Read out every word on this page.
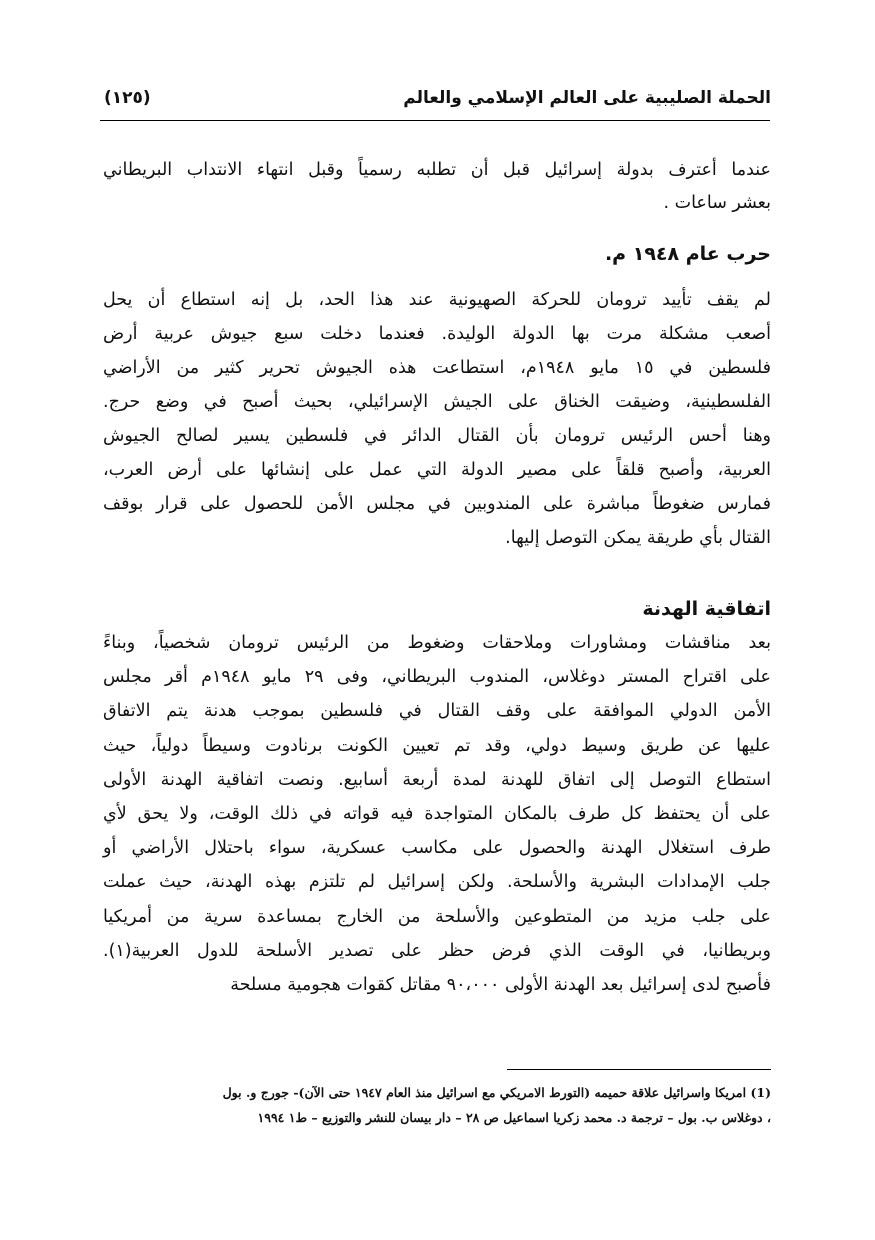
الحملة الصليبية على العالم الإسلامي والعالم
(١٢٥)
عندما أعترف بدولة إسرائيل قبل أن تطلبه رسمياً وقبل انتهاء الانتداب البريطاني
بعشر ساعات .
لم يقف تأييد ترومان للحركة الصهيونية عند هذا الحد، بل إنه استطاع أن يحل
أصعب مشكلة مرت بها الدولة الوليدة. فعندما دخلت سبع جيوش عربية أرض
فلسطين في ١٥ مايو ١٩٤٨م، استطاعت هذه الجيوش تحرير كثير من الأراضي
الفلسطينية، وضيقت الخناق على الجيش الإسرائيلي، بحيث أصبح في وضع حرج.
وهنا أحس الرئيس ترومان بأن القتال الدائر في فلسطين يسير لصالح الجيوش
العربية، وأصبح قلقاً على مصير الدولة التي عمل على إنشائها على أرض العرب،
فمارس ضغوطاً مباشرة على المندوبين في مجلس الأمن للحصول على قرار بوقف
القتال بأي طريقة يمكن التوصل إليها.
بعد مناقشات ومشاورات وملاحقات وضغوط من الرئيس ترومان شخصياً، وبناءً
على اقتراح المستر دوغلاس، المندوب البريطاني، وفى ٢٩ مايو ١٩٤٨م أقر مجلس
الأمن الدولي الموافقة على وقف القتال في فلسطين بموجب هدنة يتم الاتفاق
عليها عن طريق وسيط دولي، وقد تم تعيين الكونت برنادوت وسيطاً دولياً، حيث
استطاع التوصل إلى اتفاق للهدنة لمدة أربعة أسابيع. ونصت اتفاقية الهدنة الأولى
على أن يحتفظ كل طرف بالمكان المتواجدة فيه قواته في ذلك الوقت، ولا يحق لأي
طرف استغلال الهدنة والحصول على مكاسب عسكرية، سواء باحتلال الأراضي أو
جلب الإمدادات البشرية والأسلحة. ولكن إسرائيل لم تلتزم بهذه الهدنة، حيث عملت
على جلب مزيد من المتطوعين والأسلحة من الخارج بمساعدة سرية من أمريكيا
وبريطانيا، في الوقت الذي فرض حظر على تصدير الأسلحة للدول العربية(١).
فأصبح لدى إسرائيل بعد الهدنة الأولى ٩٠،٠٠٠ مقاتل كقوات هجومية مسلحة
حرب عام ١٩٤٨ م.
اتفاقية الهدنة
(1) امريكا واسرائيل علاقة حميمه (التورط الامريكي مع اسرائيل منذ العام ١٩٤٧ حتى الآن)- جورج و. بول
، دوغلاس ب. بول – ترجمة د. محمد زكريا اسماعيل ص ٢٨ – دار بيسان للنشر والتوزيع – ط١ ١٩٩٤
